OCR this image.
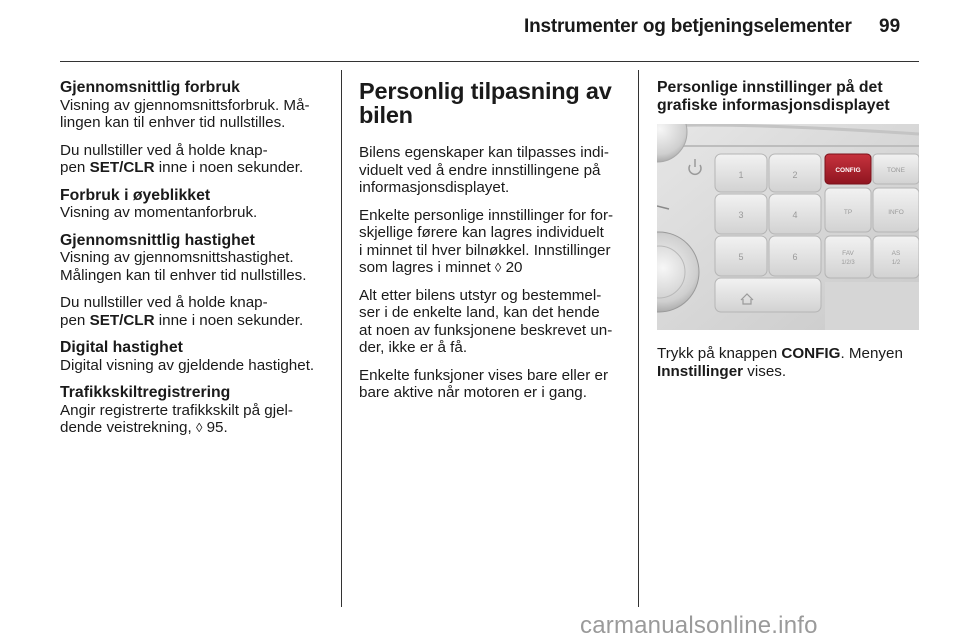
Instrumenter og betjeningselementer 99
Gjennomsnittlig forbruk
Visning av gjennomsnittsforbruk. Må-
lingen kan til enhver tid nullstilles.
Du nullstiller ved å holde knap-
pen SET/CLR inne i noen sekunder.
Forbruk i øyeblikket
Visning av momentanforbruk.
Gjennomsnittlig hastighet
Visning av gjennomsnittshastighet.
Målingen kan til enhver tid nullstilles.
Du nullstiller ved å holde knap-
pen SET/CLR inne i noen sekunder.
Digital hastighet
Digital visning av gjeldende hastighet.
Trafikkskiltregistrering
Angir registrerte trafikkskilt på gjel-
dende veistrekning, ◊ 95.
Personlig tilpasning av
bilen
Bilens egenskaper kan tilpasses indi-
viduelt ved å endre innstillingene på
informasjonsdisplayet.
Enkelte personlige innstillinger for for-
skjellige førere kan lagres individuelt
i minnet til hver bilnøkkel. Innstillinger
som lagres i minnet ◊ 20
Alt etter bilens utstyr og bestemmel-
ser i de enkelte land, kan det hende
at noen av funksjonene beskrevet un-
der, ikke er å få.
Enkelte funksjoner vises bare eller er
bare aktive når motoren er i gang.
Personlige innstillinger på det
grafiske informasjonsdisplayet
1	2
3	4
5	6
CONFIG	TONE
TP	INFO
FAV
1/2/3
AS
1/2
Trykk på knappen CONFIG. Menyen
Innstillinger vises.
carmanualsonline.info
